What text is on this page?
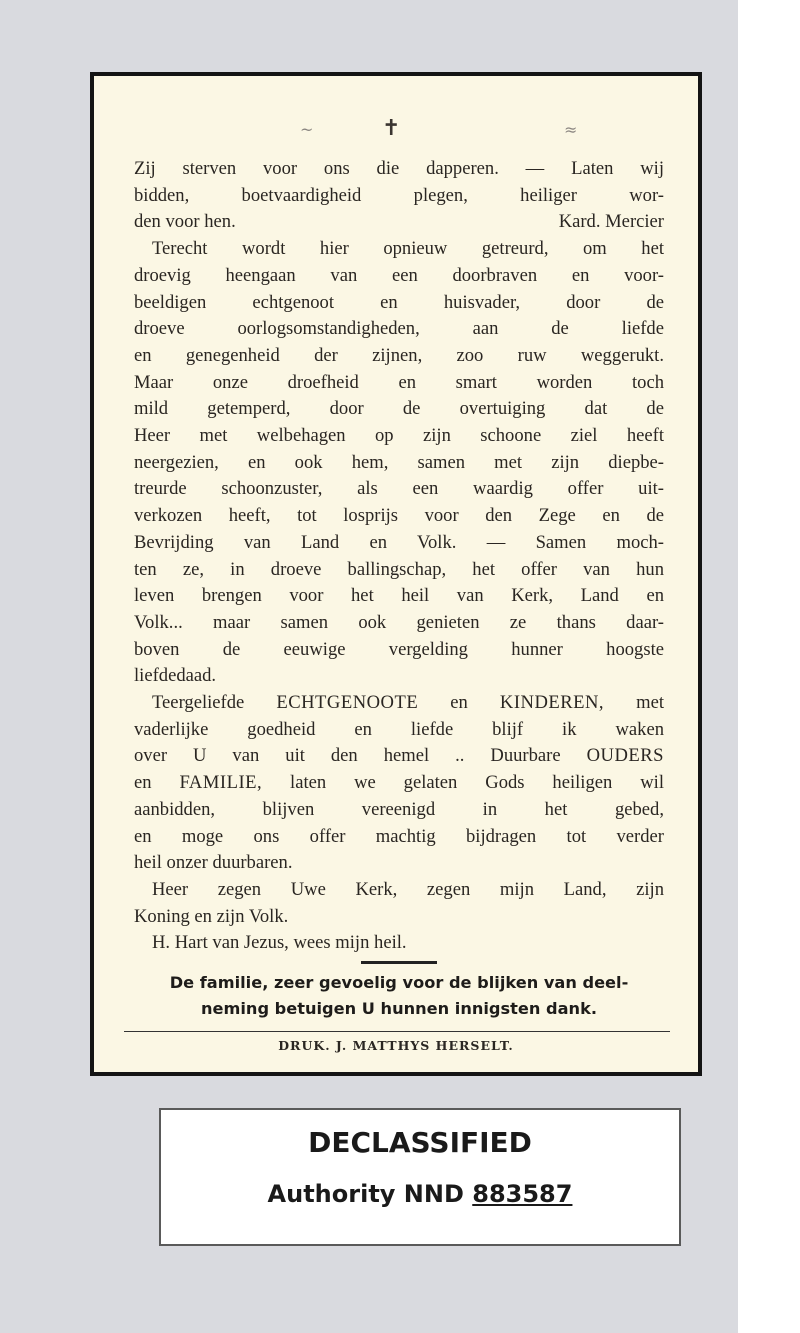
✝
~	≈
Zij sterven voor ons die dapperen. — Laten wij
bidden, boetvaardigheid plegen, heiliger wor-
den voor hen.	Kard. Mercier
Terecht wordt hier opnieuw getreurd, om het
droevig heengaan van een doorbraven en voor-
beeldigen echtgenoot en huisvader, door de
droeve oorlogsomstandigheden, aan de liefde
en genegenheid der zijnen, zoo ruw weggerukt.
Maar onze droefheid en smart worden toch
mild getemperd, door de overtuiging dat de
Heer met welbehagen op zijn schoone ziel heeft
neergezien, en ook hem, samen met zijn diepbe-
treurde schoonzuster, als een waardig offer uit-
verkozen heeft, tot losprijs voor den Zege en de
Bevrijding van Land en Volk. — Samen moch-
ten ze, in droeve ballingschap, het offer van hun
leven brengen voor het heil van Kerk, Land en
Volk... maar samen ook genieten ze thans daar-
boven de eeuwige vergelding hunner hoogste
liefdedaad.
Teergeliefde ECHTGENOOTE en KINDEREN, met
vaderlijke goedheid en liefde blijf ik waken
over U van uit den hemel .. Duurbare OUDERS
en FAMILIE, laten we gelaten Gods heiligen wil
aanbidden, blijven vereenigd in het gebed,
en moge ons offer machtig bijdragen tot verder
heil onzer duurbaren.
Heer zegen Uwe Kerk, zegen mijn Land, zijn
Koning en zijn Volk.
H. Hart van Jezus, wees mijn heil.
De familie, zeer gevoelig voor de blijken van deel-
neming betuigen U hunnen innigsten dank.
DRUK. J. MATTHYS HERSELT.
DECLASSIFIED
Authority NND 883587
